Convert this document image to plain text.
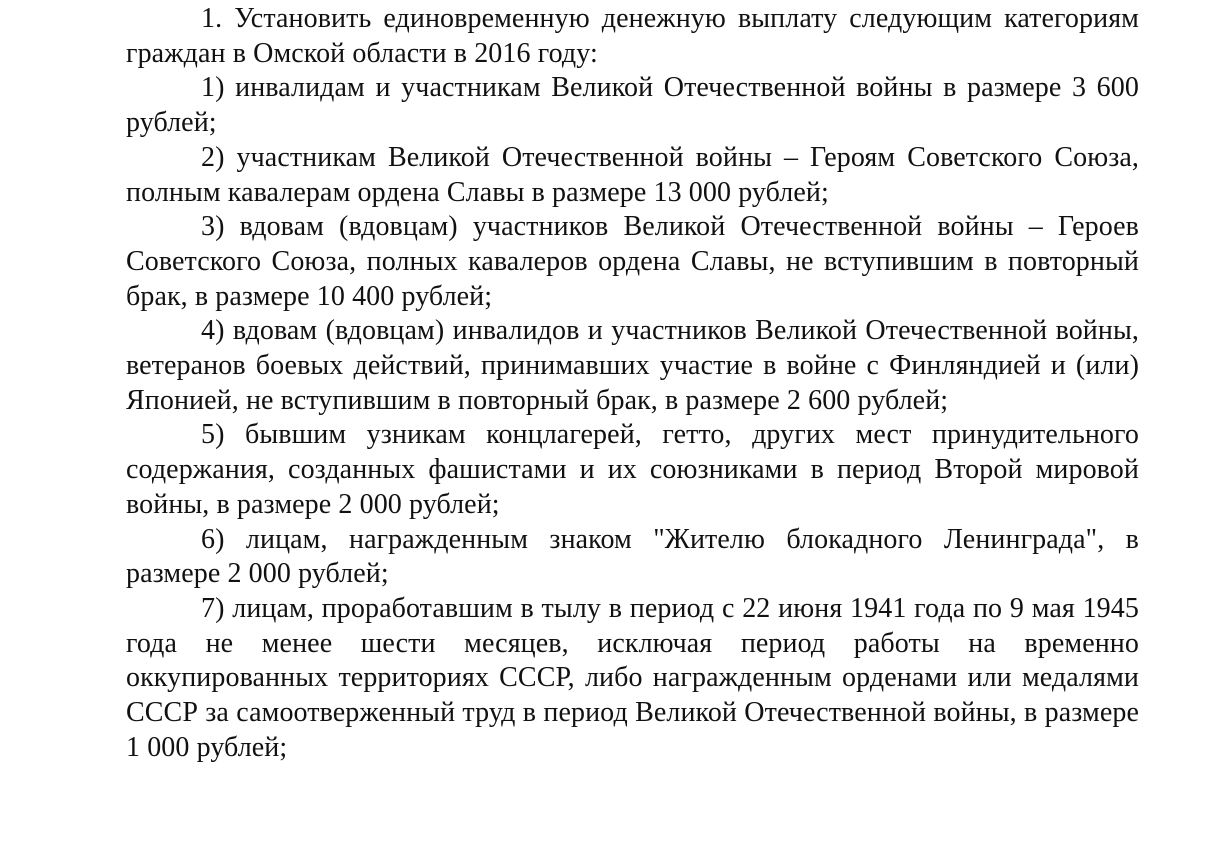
1. Установить единовременную денежную выплату следующим категориям граждан в Омской области в 2016 году:

1) инвалидам и участникам Великой Отечественной войны в размере 3 600 рублей;

2) участникам Великой Отечественной войны – Героям Советского Союза, полным кавалерам ордена Славы в размере 13 000 рублей;

3) вдовам (вдовцам) участников Великой Отечественной войны – Героев Советского Союза, полных кавалеров ордена Славы, не вступившим в повторный брак, в размере 10 400 рублей;

4) вдовам (вдовцам) инвалидов и участников Великой Отечественной войны, ветеранов боевых действий, принимавших участие в войне с Финляндией и (или) Японией, не вступившим в повторный брак, в размере 2 600 рублей;

5) бывшим узникам концлагерей, гетто, других мест принудительного содержания, созданных фашистами и их союзниками в период Второй мировой войны, в размере 2 000 рублей;

6) лицам, награжденным знаком "Жителю блокадного Ленинграда", в размере 2 000 рублей;

7) лицам, проработавшим в тылу в период с 22 июня 1941 года по 9 мая 1945 года не менее шести месяцев, исключая период работы на временно оккупированных территориях СССР, либо награжденным орденами или медалями СССР за самоотверженный труд в период Великой Отечественной войны, в размере 1 000 рублей;
